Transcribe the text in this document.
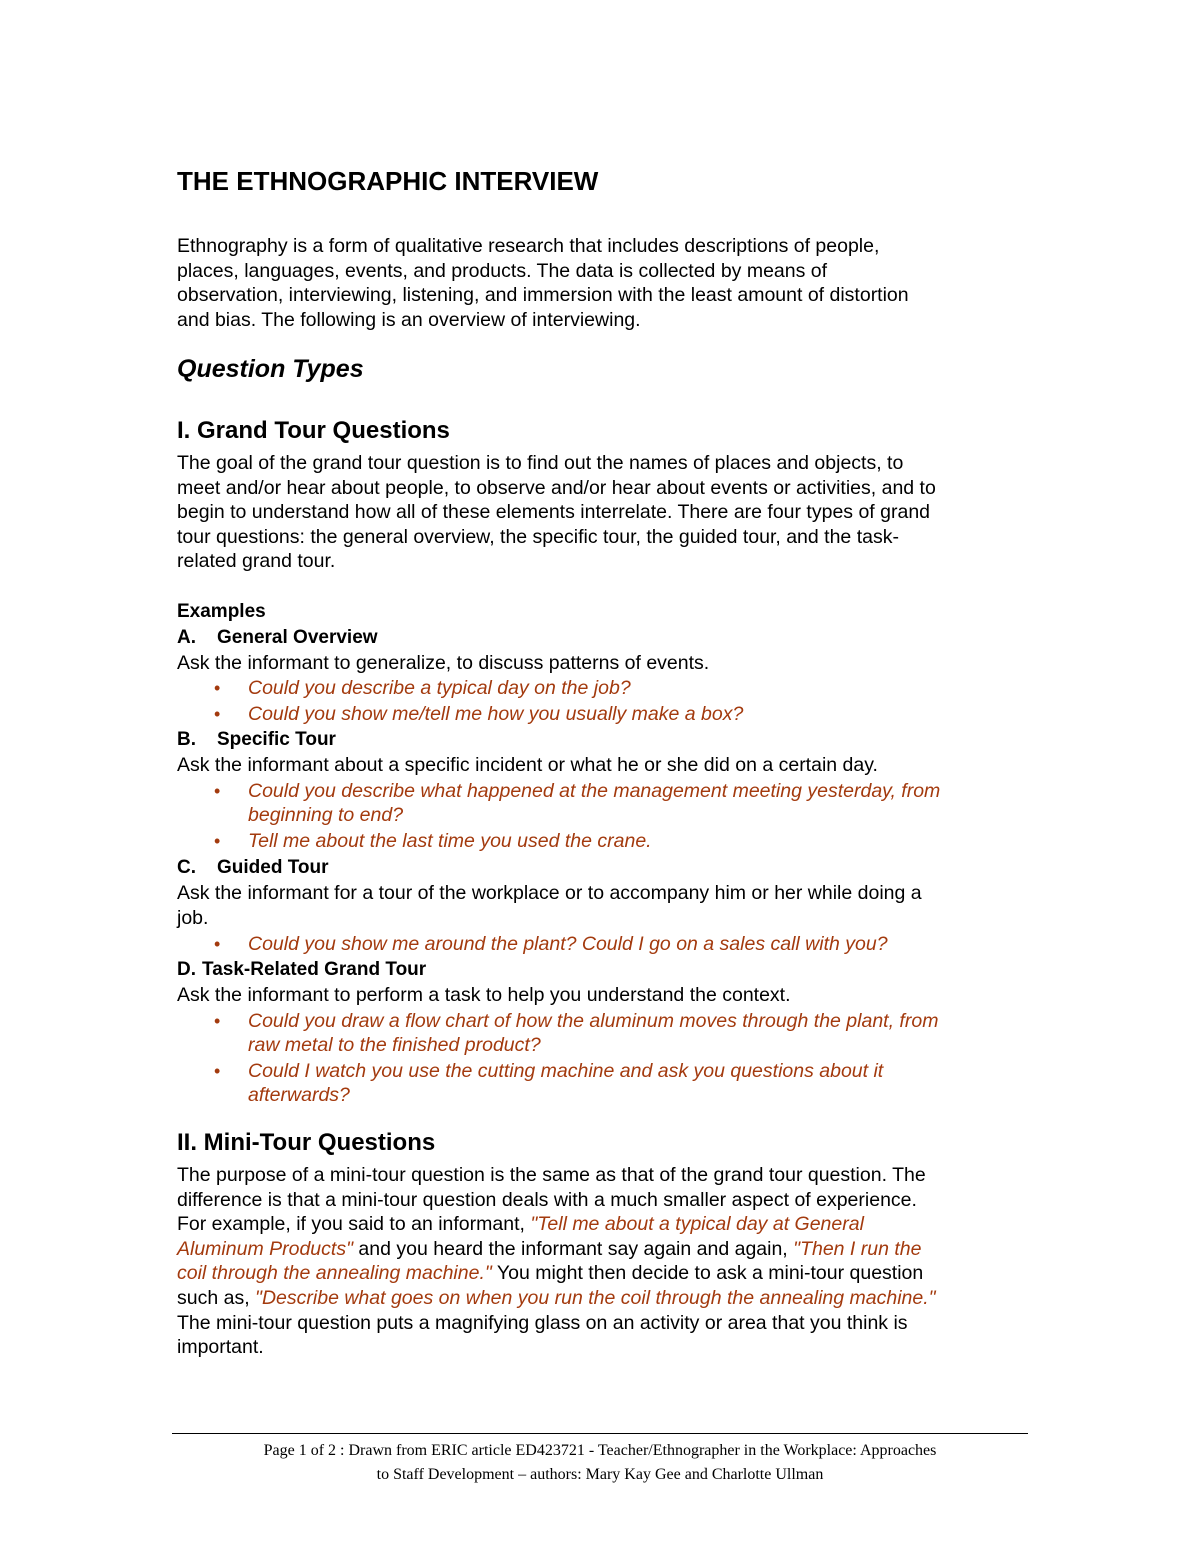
THE ETHNOGRAPHIC INTERVIEW

Ethnography is a form of qualitative research that includes descriptions of people,

places, languages, events, and products. The data is collected by means of

observation, interviewing, listening, and immersion with the least amount of distortion

and bias. The following is an overview of interviewing.

Question Types
I. Grand Tour Questions

The goal of the grand tour question is to find out the names of places and objects, to

meet and/or hear about people, to observe and/or hear about events or activities, and to

begin to understand how all of these elements interrelate. There are four types of grand

tour questions: the general overview, the specific tour, the guided tour, and the task-

related grand tour.

Examples

A. General Overview

Ask the informant to generalize, to discuss patterns of events.

• Could you describe a typical day on the job?
• Could you show me/tell me how you usually make a box?

B. Specific Tour

Ask the informant about a specific incident or what he or she did on a certain day.

• Could you describe what happened at the management meeting yesterday, from
beginning to end?
• Tell me about the last time you used the crane.

C. Guided Tour

Ask the informant for a tour of the workplace or to accompany him or her while doing a
job.

• Could you show me around the plant? Could I go on a sales call with you?

D. Task-Related Grand Tour

Ask the informant to perform a task to help you understand the context.

• Could you draw a flow chart of how the aluminum moves through the plant, from
raw metal to the finished product?
• Could I watch you use the cutting machine and ask you questions about it
afterwards?
II. Mini-Tour Questions

The purpose of a mini-tour question is the same as that of the grand tour question. The

difference is that a mini-tour question deals with a much smaller aspect of experience.

For example, if you said to an informant, "Tell me about a typical day at General

Aluminum Products" and you heard the informant say again and again, "Then I run the

coil through the annealing machine." You might then decide to ask a mini-tour question

such as, "Describe what goes on when you run the coil through the annealing machine."

The mini-tour question puts a magnifying glass on an activity or area that you think is

important.

Page 1 of 2 : Drawn from ERIC article ED423721 - Teacher/Ethnographer in the Workplace: Approaches
to Staff Development – authors: Mary Kay Gee and Charlotte Ullman
